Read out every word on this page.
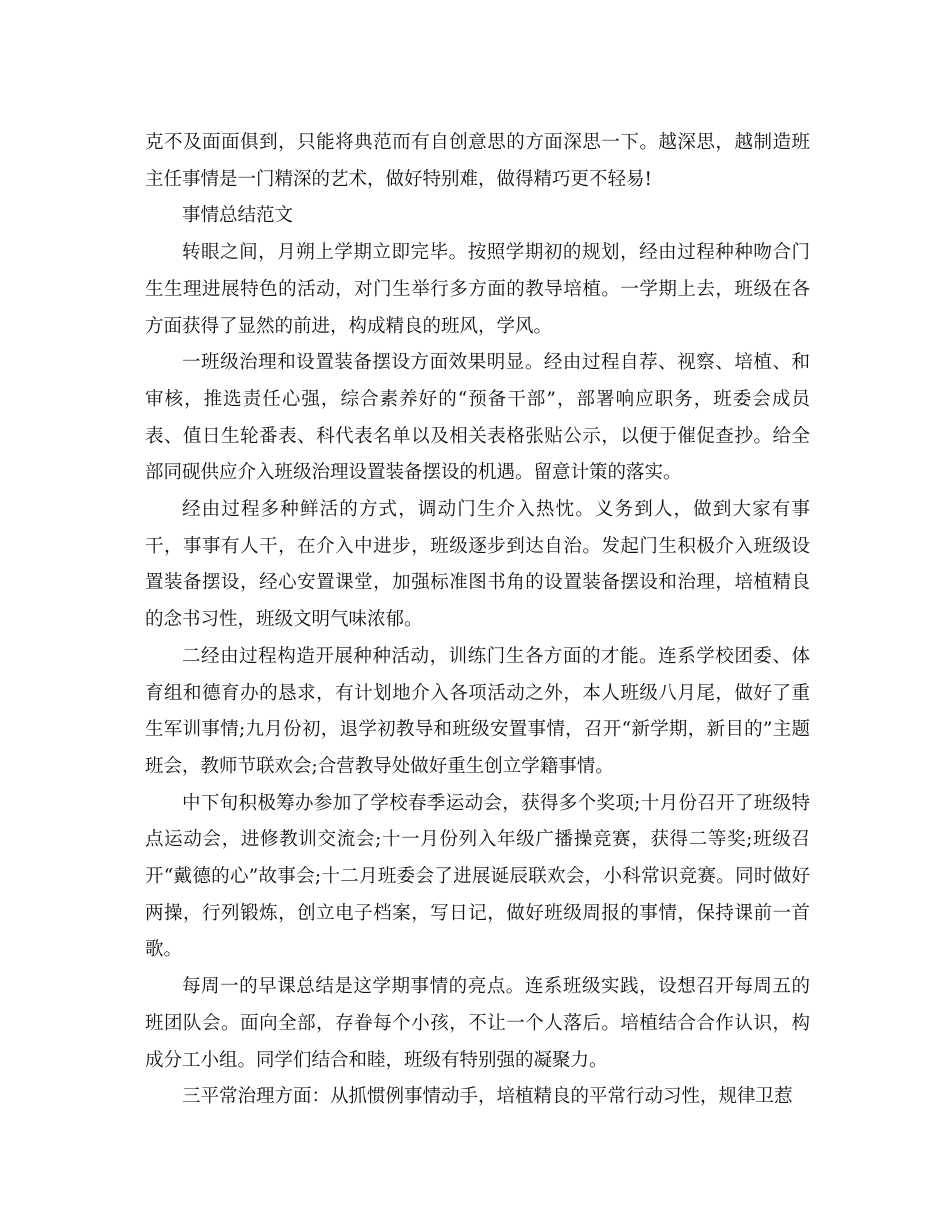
克不及面面俱到，只能将典范而有自创意思的方面深思一下。越深思，越制造班主任事情是一门精深的艺术，做好特别难，做得精巧更不轻易!

事情总结范文

转眼之间，月朔上学期立即完毕。按照学期初的规划，经由过程种种吻合门生生理进展特色的活动，对门生举行多方面的教导培植。一学期上去，班级在各方面获得了显然的前进，构成精良的班风，学风。

一班级治理和设置装备摆设方面效果明显。经由过程自荐、视察、培植、和审核，推选责任心强，综合素养好的“预备干部”，部署响应职务，班委会成员表、值日生轮番表、科代表名单以及相关表格张贴公示，以便于催促查抄。给全部同砚供应介入班级治理设置装备摆设的机遇。留意计策的落实。

经由过程多种鲜活的方式，调动门生介入热忱。义务到人，做到大家有事干，事事有人干，在介入中进步，班级逐步到达自治。发起门生积极介入班级设置装备摆设，经心安置课堂，加强标准图书角的设置装备摆设和治理，培植精良的念书习性，班级文明气味浓郁。

二经由过程构造开展种种活动，训练门生各方面的才能。连系学校团委、体育组和德育办的恳求，有计划地介入各项活动之外，本人班级八月尾，做好了重生军训事情;九月份初，退学初教导和班级安置事情，召开“新学期，新目的”主题班会，教师节联欢会;合营教导处做好重生创立学籍事情。

中下旬积极筹办参加了学校春季运动会，获得多个奖项;十月份召开了班级特点运动会，进修教训交流会;十一月份列入年级广播操竞赛，获得二等奖;班级召开“戴德的心”故事会;十二月班委会了进展诞辰联欢会，小科常识竞赛。同时做好两操，行列锻炼，创立电子档案，写日记，做好班级周报的事情，保持课前一首歌。

每周一的早课总结是这学期事情的亮点。连系班级实践，设想召开每周五的班团队会。面向全部，存眷每个小孩，不让一个人落后。培植结合合作认识，构成分工小组。同学们结合和睦，班级有特别强的凝聚力。

三平常治理方面：从抓惯例事情动手，培植精良的平常行动习性，规律卫惹
